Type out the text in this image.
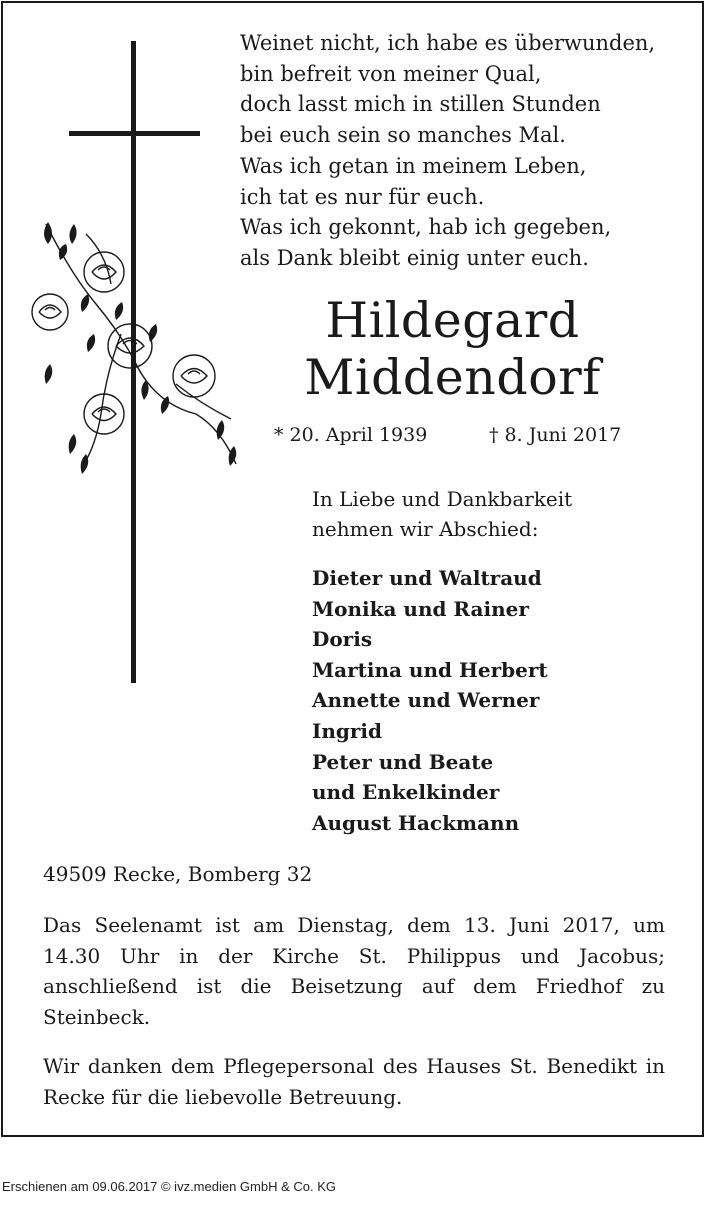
Weinet nicht, ich habe es überwunden,
bin befreit von meiner Qual,
doch lasst mich in stillen Stunden
bei euch sein so manches Mal.
Was ich getan in meinem Leben,
ich tat es nur für euch.
Was ich gekonnt, hab ich gegeben,
als Dank bleibt einig unter euch.
Hildegard
Middendorf
* 20. April 1939	† 8. Juni 2017
In Liebe und Dankbarkeit
nehmen wir Abschied:
Dieter und Waltraud
Monika und Rainer
Doris
Martina und Herbert
Annette und Werner
Ingrid
Peter und Beate
und Enkelkinder
August Hackmann
49509 Recke, Bomberg 32
Das Seelenamt ist am Dienstag, dem 13. Juni 2017, um 14.30 Uhr in der Kirche St. Philippus und Jacobus; anschließend ist die Beisetzung auf dem Friedhof zu Steinbeck.
Wir danken dem Pflegepersonal des Hauses St. Benedikt in Recke für die liebevolle Betreuung.
Erschienen am 09.06.2017 © ivz.medien GmbH & Co. KG
